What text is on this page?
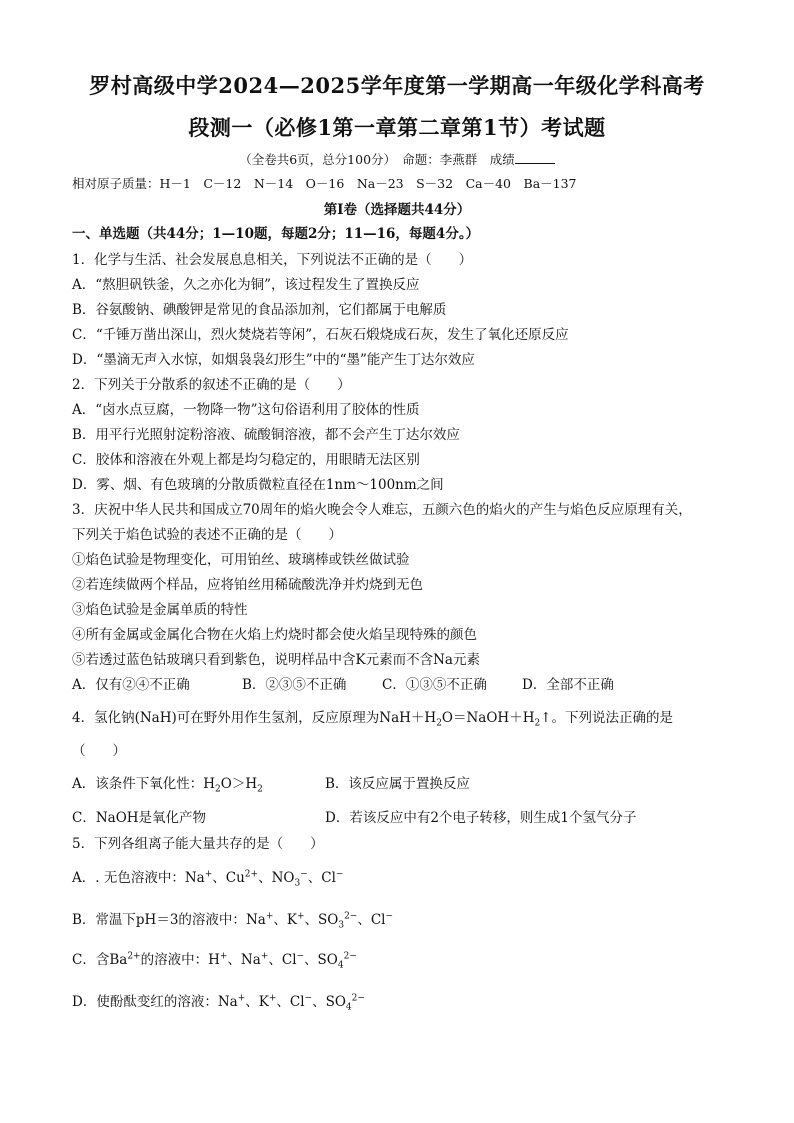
罗村高级中学2024—2025学年度第一学期高一年级化学科高考
段测一（必修1第一章第二章第1节）考试题
（全卷共6页，总分100分）　命题：李燕群　成绩
相对原子质量：H－1　C－12　N－14　O－16　Na－23　S－32　Ca－40　Ba－137
第Ⅰ卷（选择题共44分）
一、单选题（共44分；1—10题，每题2分；11—16，每题4分。）
1．化学与生活、社会发展息息相关，下列说法不正确的是（　　）
A．“熬胆矾铁釜，久之亦化为铜”，该过程发生了置换反应
B．谷氨酸钠、碘酸钾是常见的食品添加剂，它们都属于电解质
C．“千锤万凿出深山，烈火焚烧若等闲”，石灰石煅烧成石灰，发生了氧化还原反应
D．“墨滴无声入水惊，如烟袅袅幻形生”中的“墨”能产生丁达尔效应
2．下列关于分散系的叙述不正确的是（　　）
A．“卤水点豆腐，一物降一物”这句俗语利用了胶体的性质
B．用平行光照射淀粉溶液、硫酸铜溶液，都不会产生丁达尔效应
C．胶体和溶液在外观上都是均匀稳定的，用眼睛无法区别
D．雾、烟、有色玻璃的分散质微粒直径在1nm～100nm之间
3．庆祝中华人民共和国成立70周年的焰火晚会令人难忘，五颜六色的焰火的产生与焰色反应原理有关，
下列关于焰色试验的表述不正确的是（　　）
①焰色试验是物理变化，可用铂丝、玻璃棒或铁丝做试验
②若连续做两个样品，应将铂丝用稀硫酸洗净并灼烧到无色
③焰色试验是金属单质的特性
④所有金属或金属化合物在火焰上灼烧时都会使火焰呈现特殊的颜色
⑤若透过蓝色钴玻璃只看到紫色，说明样品中含K元素而不含Na元素
A．仅有②④不正确	B．②③⑤不正确	C．①③⑤不正确	D．全部不正确
4．氢化钠(NaH)可在野外用作生氢剂，反应原理为$NaH+H_2O=NaOH+H_2↑$。下列说法正确的是
（　　）
A．该条件下氧化性：$H_2O>H_2$	B．该反应属于置换反应
C．NaOH是氧化产物	D．若该反应中有2个电子转移，则生成1个氢气分子
5．下列各组离子能大量共存的是（　　）
A．. 无色溶液中：Na+、$Cu^{2+}$、$NO_3^-$、Cl−
B．常温下pH＝3的溶液中：Na+、K+、$SO_3^{2-}$、Cl−
C．含$Ba^{2+}$的溶液中：H+、Na+、Cl−、$SO_4^{2-}$
D．使酚酞变红的溶液：Na+、K+、Cl−、$SO_4^{2-}$
